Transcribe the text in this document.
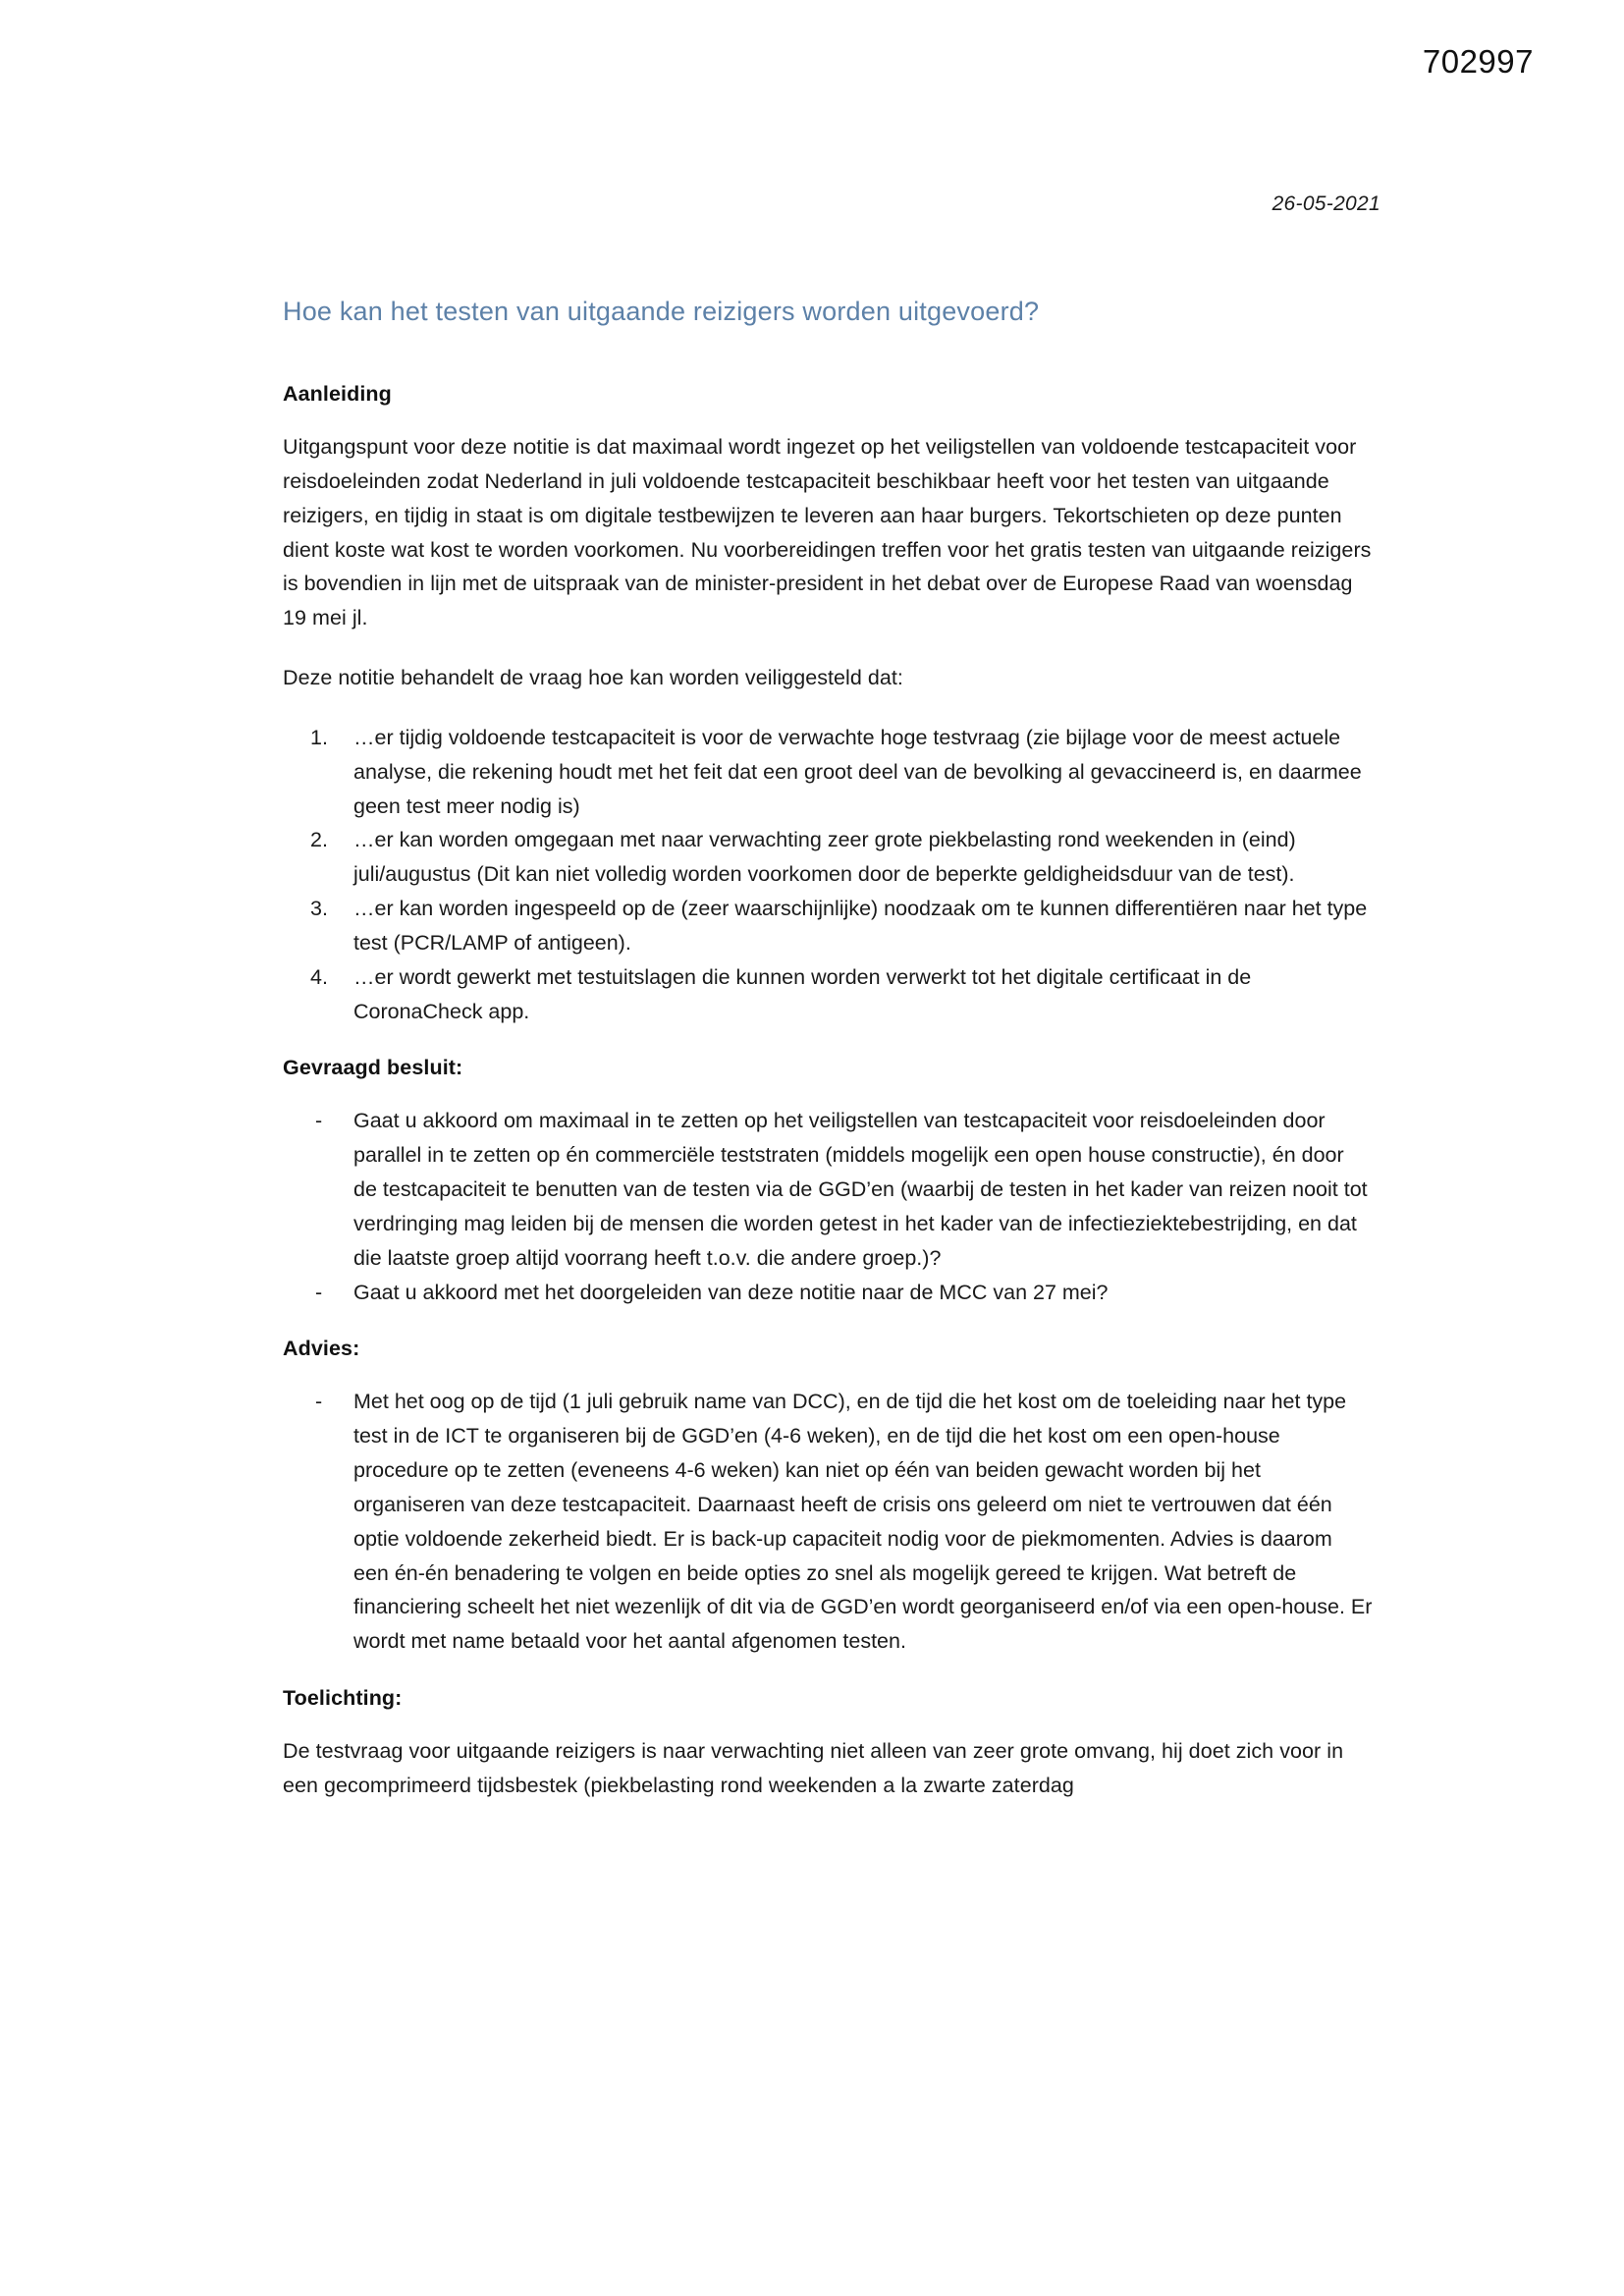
702997
26-05-2021
Hoe kan het testen van uitgaande reizigers worden uitgevoerd?
Aanleiding

Uitgangspunt voor deze notitie is dat maximaal wordt ingezet op het veiligstellen van voldoende testcapaciteit voor reisdoeleinden zodat Nederland in juli voldoende testcapaciteit beschikbaar heeft voor het testen van uitgaande reizigers, en tijdig in staat is om digitale testbewijzen te leveren aan haar burgers. Tekortschieten op deze punten dient koste wat kost te worden voorkomen. Nu voorbereidingen treffen voor het gratis testen van uitgaande reizigers is bovendien in lijn met de uitspraak van de minister-president in het debat over de Europese Raad van woensdag 19 mei jl.

Deze notitie behandelt de vraag hoe kan worden veiliggesteld dat:

…er tijdig voldoende testcapaciteit is voor de verwachte hoge testvraag (zie bijlage voor de meest actuele analyse, die rekening houdt met het feit dat een groot deel van de bevolking al gevaccineerd is, en daarmee geen test meer nodig is)
…er kan worden omgegaan met naar verwachting zeer grote piekbelasting rond weekenden in (eind) juli/augustus (Dit kan niet volledig worden voorkomen door de beperkte geldigheidsduur van de test).
…er kan worden ingespeeld op de (zeer waarschijnlijke) noodzaak om te kunnen differentiëren naar het type test (PCR/LAMP of antigeen).
…er wordt gewerkt met testuitslagen die kunnen worden verwerkt tot het digitale certificaat in de CoronaCheck app.
Gevraagd besluit:
- Gaat u akkoord om maximaal in te zetten op het veiligstellen van testcapaciteit voor reisdoeleinden door parallel in te zetten op én commerciële teststraten (middels mogelijk een open house constructie), én door de testcapaciteit te benutten van de testen via de GGD’en (waarbij de testen in het kader van reizen nooit tot verdringing mag leiden bij de mensen die worden getest in het kader van de infectieziektebestrijding, en dat die laatste groep altijd voorrang heeft t.o.v. die andere groep.)?
- Gaat u akkoord met het doorgeleiden van deze notitie naar de MCC van 27 mei?
Advies:
- Met het oog op de tijd (1 juli gebruik name van DCC), en de tijd die het kost om de toeleiding naar het type test in de ICT te organiseren bij de GGD’en (4-6 weken), en de tijd die het kost om een open-house procedure op te zetten (eveneens 4-6 weken) kan niet op één van beiden gewacht worden bij het organiseren van deze testcapaciteit. Daarnaast heeft de crisis ons geleerd om niet te vertrouwen dat één optie voldoende zekerheid biedt. Er is back-up capaciteit nodig voor de piekmomenten. Advies is daarom een én-én benadering te volgen en beide opties zo snel als mogelijk gereed te krijgen. Wat betreft de financiering scheelt het niet wezenlijk of dit via de GGD’en wordt georganiseerd en/of via een open-house. Er wordt met name betaald voor het aantal afgenomen testen.
Toelichting:

De testvraag voor uitgaande reizigers is naar verwachting niet alleen van zeer grote omvang, hij doet zich voor in een gecomprimeerd tijdsbestek (piekbelasting rond weekenden a la zwarte zaterdag
